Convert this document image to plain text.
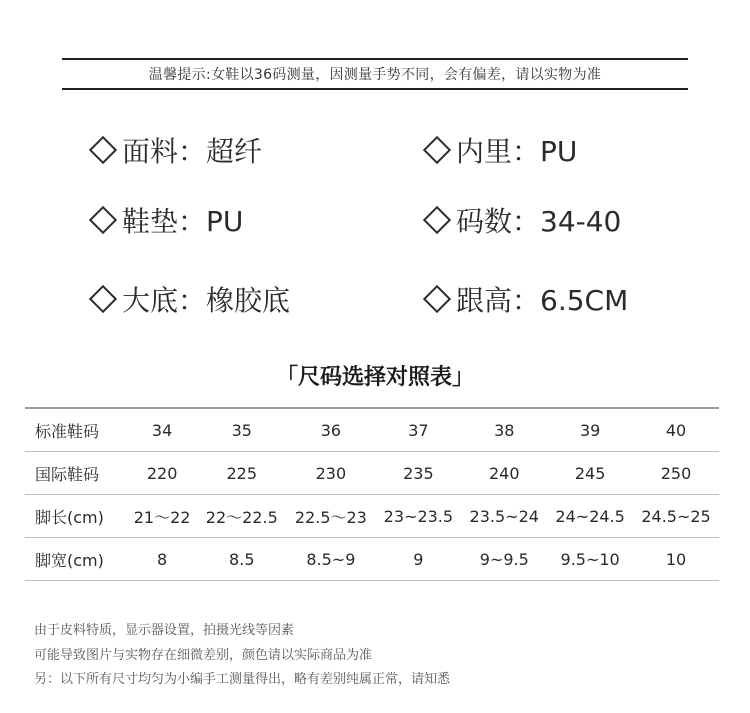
温馨提示:女鞋以36码测量，因测量手势不同，会有偏差，请以实物为准
面料：超纤	内里：PU
鞋垫：PU	码数：34-40
大底：橡胶底	跟高：6.5CM
「尺码选择对照表」
标准鞋码	34	35	36	37	38	39	40
国际鞋码	220	225	230	235	240	245	250
脚长(cm)	21～22	22～22.5	22.5～23	23~23.5	23.5~24	24~24.5	24.5~25
脚宽(cm)	8	8.5	8.5~9	9	9~9.5	9.5~10	10
由于皮料特质，显示器设置，拍摄光线等因素
可能导致图片与实物存在细微差别，颜色请以实际商品为准
另：以下所有尺寸均匀为小编手工测量得出，略有差别纯属正常，请知悉
